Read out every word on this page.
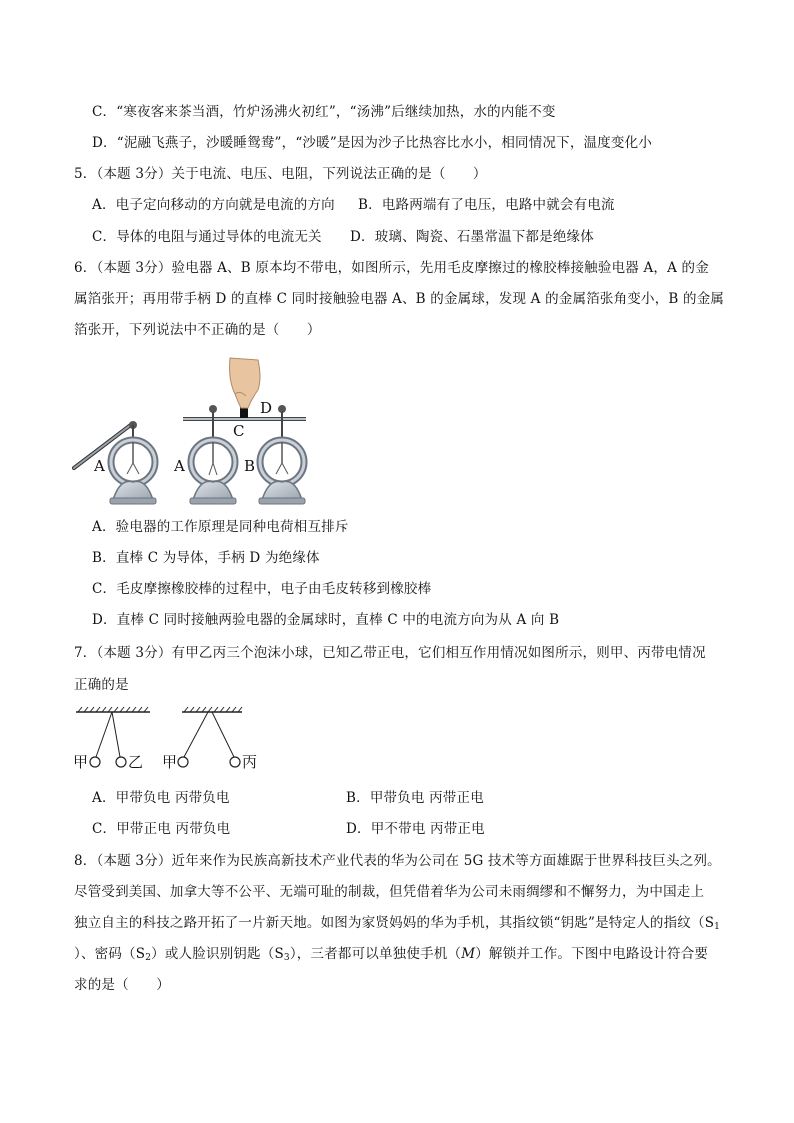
C．“寒夜客来茶当酒，竹炉汤沸火初红”，“汤沸”后继续加热，水的内能不变
D．“泥融飞燕子，沙暖睡鸳鸯”，“沙暖”是因为沙子比热容比水小，相同情况下，温度变化小
5．（本题 3分）关于电流、电压、电阻，下列说法正确的是（　　）
A．电子定向移动的方向就是电流的方向 B．电路两端有了电压，电路中就会有电流
C．导体的电阻与通过导体的电流无关 D．玻璃、陶瓷、石墨常温下都是绝缘体
6．（本题 3分）验电器 A、B 原本均不带电，如图所示，先用毛皮摩擦过的橡胶棒接触验电器 A，A 的金
属箔张开；再用带手柄 D 的直棒 C 同时接触验电器 A、B 的金属球，发现 A 的金属箔张角变小，B 的金属
箔张开，下列说法中不正确的是（　　）
A	A	B
C
D
A．验电器的工作原理是同种电荷相互排斥
B．直棒 C 为导体，手柄 D 为绝缘体
C．毛皮摩擦橡胶棒的过程中，电子由毛皮转移到橡胶棒
D．直棒 C 同时接触两验电器的金属球时，直棒 C 中的电流方向为从 A 向 B
7．（本题 3分）有甲乙丙三个泡沫小球，已知乙带正电，它们相互作用情况如图所示，则甲、丙带电情况
正确的是
甲	乙 甲	丙
A．甲带负电 丙带负电	B．甲带负电 丙带正电
C．甲带正电 丙带负电	D．甲不带电 丙带正电
8．（本题 3分）近年来作为民族高新技术产业代表的华为公司在 5G 技术等方面雄踞于世界科技巨头之列。
尽管受到美国、加拿大等不公平、无端可耻的制裁，但凭借着华为公司未雨绸缪和不懈努力，为中国走上
独立自主的科技之路开拓了一片新天地。如图为家贤妈妈的华为手机，其指纹锁“钥匙”是特定人的指纹（$S_1$
）、密码$(S_2)$或人脸识别钥匙$(S_3)$，三者都可以单独使手机（M）解锁并工作。下图中电路设计符合要
求的是（　　）
